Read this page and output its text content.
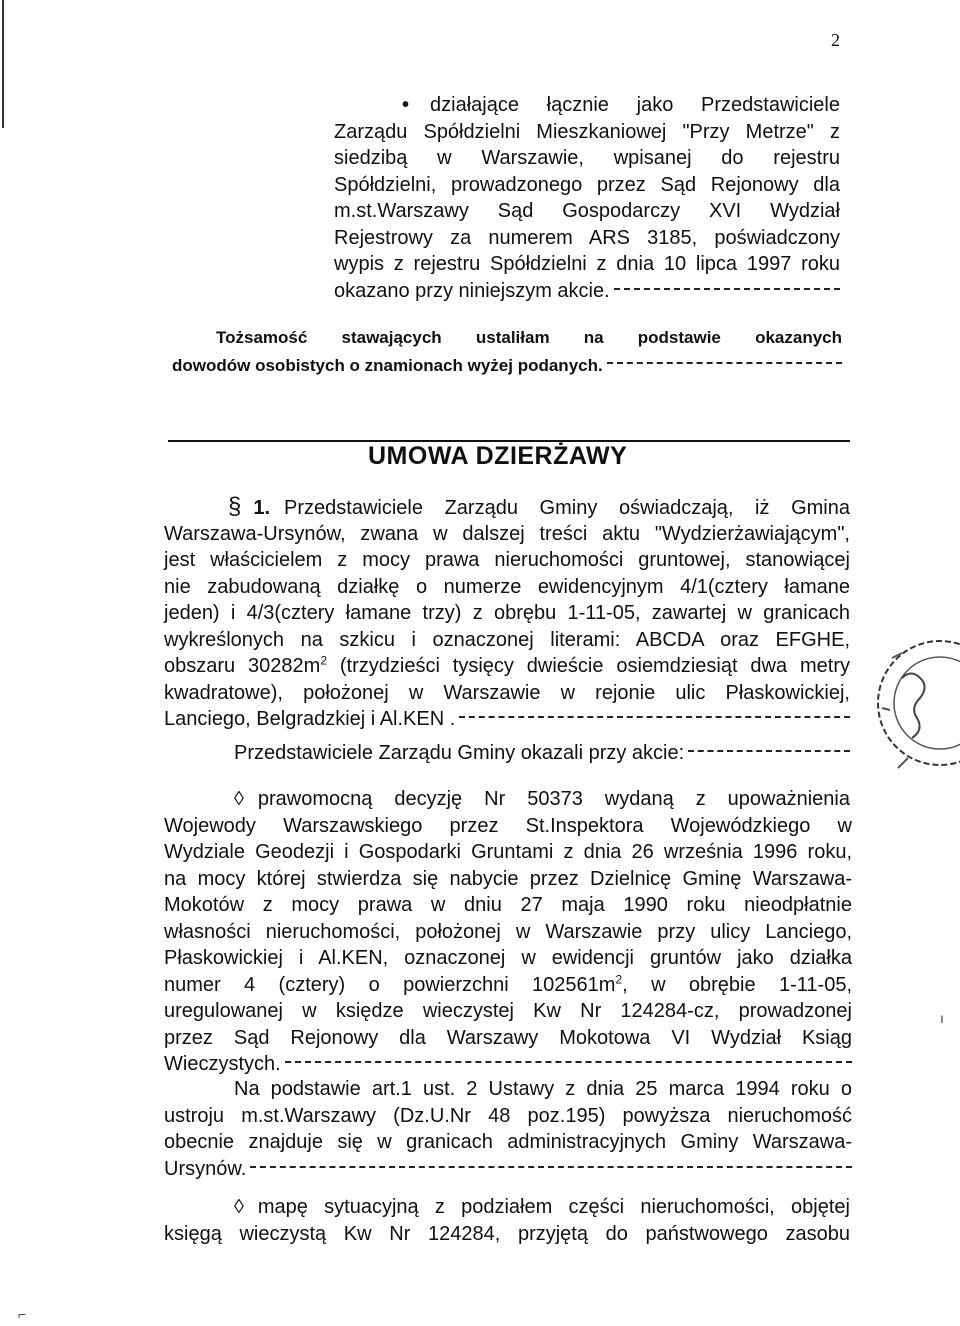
2
•	działające łącznie jako Przedstawiciele
Zarządu Spółdzielni Mieszkaniowej "Przy Metrze" z
siedzibą w Warszawie, wpisanej do rejestru
Spółdzielni, prowadzonego przez Sąd Rejonowy dla
m.st.Warszawy Sąd Gospodarczy XVI Wydział
Rejestrowy za numerem ARS 3185, poświadczony
wypis z rejestru Spółdzielni z dnia 10 lipca 1997 roku
okazano przy niniejszym akcie.
Tożsamość stawających ustaliłam na podstawie okazanych
dowodów osobistych o znamionach wyżej podanych.
UMOWA DZIERŻAWY
§ 1. Przedstawiciele Zarządu Gminy oświadczają, iż Gmina
Warszawa-Ursynów, zwana w dalszej treści aktu "Wydzierżawiającym",
jest właścicielem z mocy prawa nieruchomości gruntowej, stanowiącej
nie zabudowaną działkę o numerze ewidencyjnym 4/1(cztery łamane
jeden) i 4/3(cztery łamane trzy) z obrębu 1-11-05, zawartej w granicach
wykreślonych na szkicu i oznaczonej literami: ABCDA oraz EFGHE,
obszaru $30282m^2$ (trzydzieści tysięcy dwieście osiemdziesiąt dwa metry
kwadratowe), położonej w Warszawie w rejonie ulic Płaskowickiej,
Lanciego, Belgradzkiej i Al.KEN .
Przedstawiciele Zarządu Gminy okazali przy akcie:
◊ prawomocną decyzję Nr 50373 wydaną z upoważnienia
Wojewody Warszawskiego przez St.Inspektora Wojewódzkiego w
Wydziale Geodezji i Gospodarki Gruntami z dnia 26 września 1996 roku,
na mocy której stwierdza się nabycie przez Dzielnicę Gminę Warszawa-
Mokotów z mocy prawa w dniu 27 maja 1990 roku nieodpłatnie
własności nieruchomości, położonej w Warszawie przy ulicy Lanciego,
Płaskowickiej i Al.KEN, oznaczonej w ewidencji gruntów jako działka
numer 4 (cztery) o powierzchni $102561m^2$, w obrębie 1-11-05,
uregulowanej w księdze wieczystej Kw Nr 124284-cz, prowadzonej
przez Sąd Rejonowy dla Warszawy Mokotowa VI Wydział Ksiąg
Wieczystych.
Na podstawie art.1 ust. 2 Ustawy z dnia 25 marca 1994 roku o
ustroju m.st.Warszawy (Dz.U.Nr 48 poz.195) powyższa nieruchomość
obecnie znajduje się w granicach administracyjnych Gminy Warszawa-
Ursynów.
◊ mapę sytuacyjną z podziałem części nieruchomości, objętej
księgą wieczystą Kw Nr 124284, przyjętą do państwowego zasobu
ı
⌐
